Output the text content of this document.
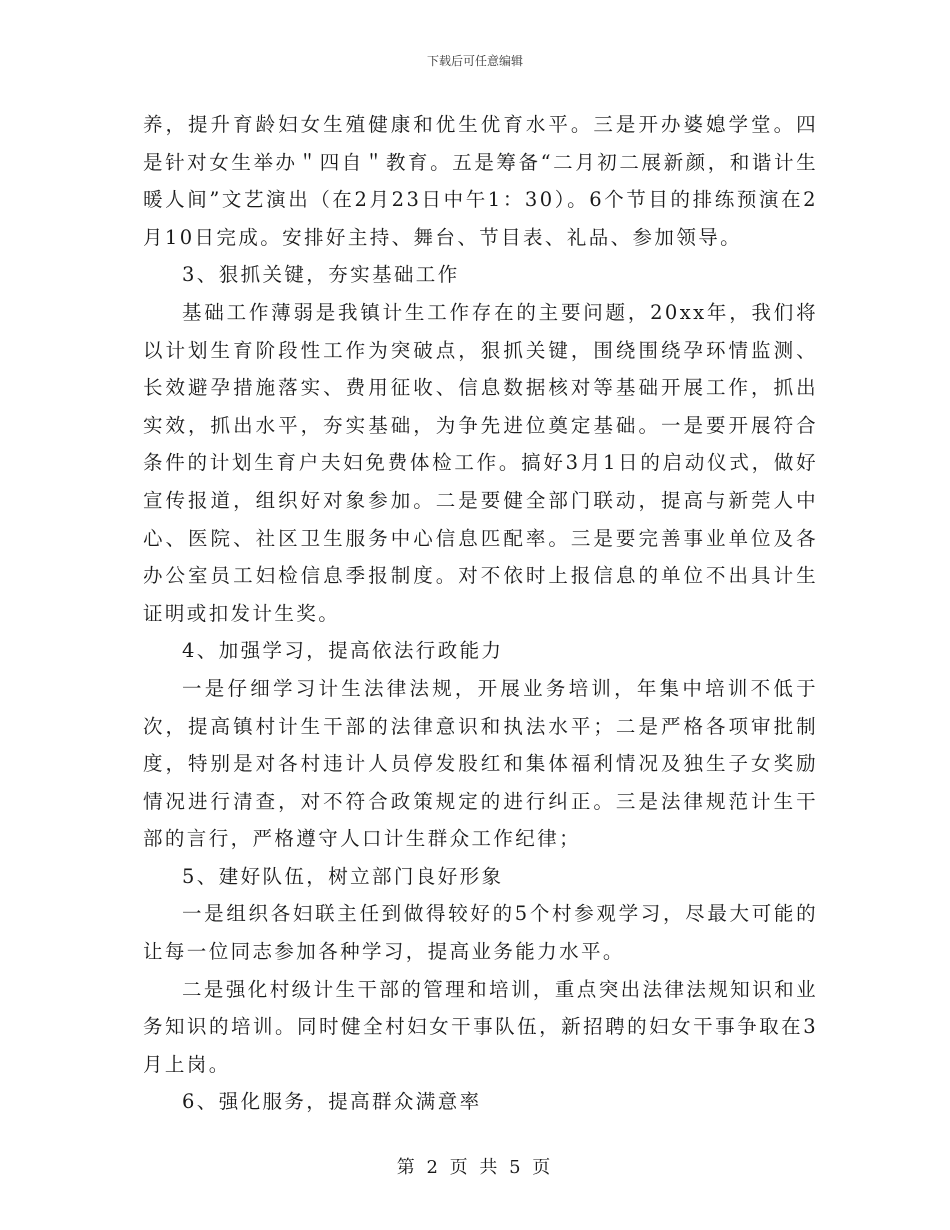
下载后可任意编辑

养，提升育龄妇女生殖健康和优生优育水平。三是开办婆媳学堂。四是针对女生举办＂四自＂教育。五是筹备“二月初二展新颜，和谐计生暖人间”文艺演出（在2月23日中午1：30）。6个节目的排练预演在2月10日完成。安排好主持、舞台、节目表、礼品、参加领导。

3、狠抓关键，夯实基础工作

基础工作薄弱是我镇计生工作存在的主要问题，20xx年，我们将以计划生育阶段性工作为突破点，狠抓关键，围绕围绕孕环情监测、长效避孕措施落实、费用征收、信息数据核对等基础开展工作，抓出实效，抓出水平，夯实基础，为争先进位奠定基础。一是要开展符合条件的计划生育户夫妇免费体检工作。搞好3月1日的启动仪式，做好宣传报道，组织好对象参加。二是要健全部门联动，提高与新莞人中心、医院、社区卫生服务中心信息匹配率。三是要完善事业单位及各办公室员工妇检信息季报制度。对不依时上报信息的单位不出具计生证明或扣发计生奖。

4、加强学习，提高依法行政能力

一是仔细学习计生法律法规，开展业务培训，年集中培训不低于次，提高镇村计生干部的法律意识和执法水平；二是严格各项审批制度，特别是对各村违计人员停发股红和集体福利情况及独生子女奖励情况进行清查，对不符合政策规定的进行纠正。三是法律规范计生干部的言行，严格遵守人口计生群众工作纪律；

5、建好队伍，树立部门良好形象

一是组织各妇联主任到做得较好的5个村参观学习，尽最大可能的让每一位同志参加各种学习，提高业务能力水平。

二是强化村级计生干部的管理和培训，重点突出法律法规知识和业务知识的培训。同时健全村妇女干事队伍，新招聘的妇女干事争取在3月上岗。

6、强化服务，提高群众满意率

第 2 页 共 5 页
